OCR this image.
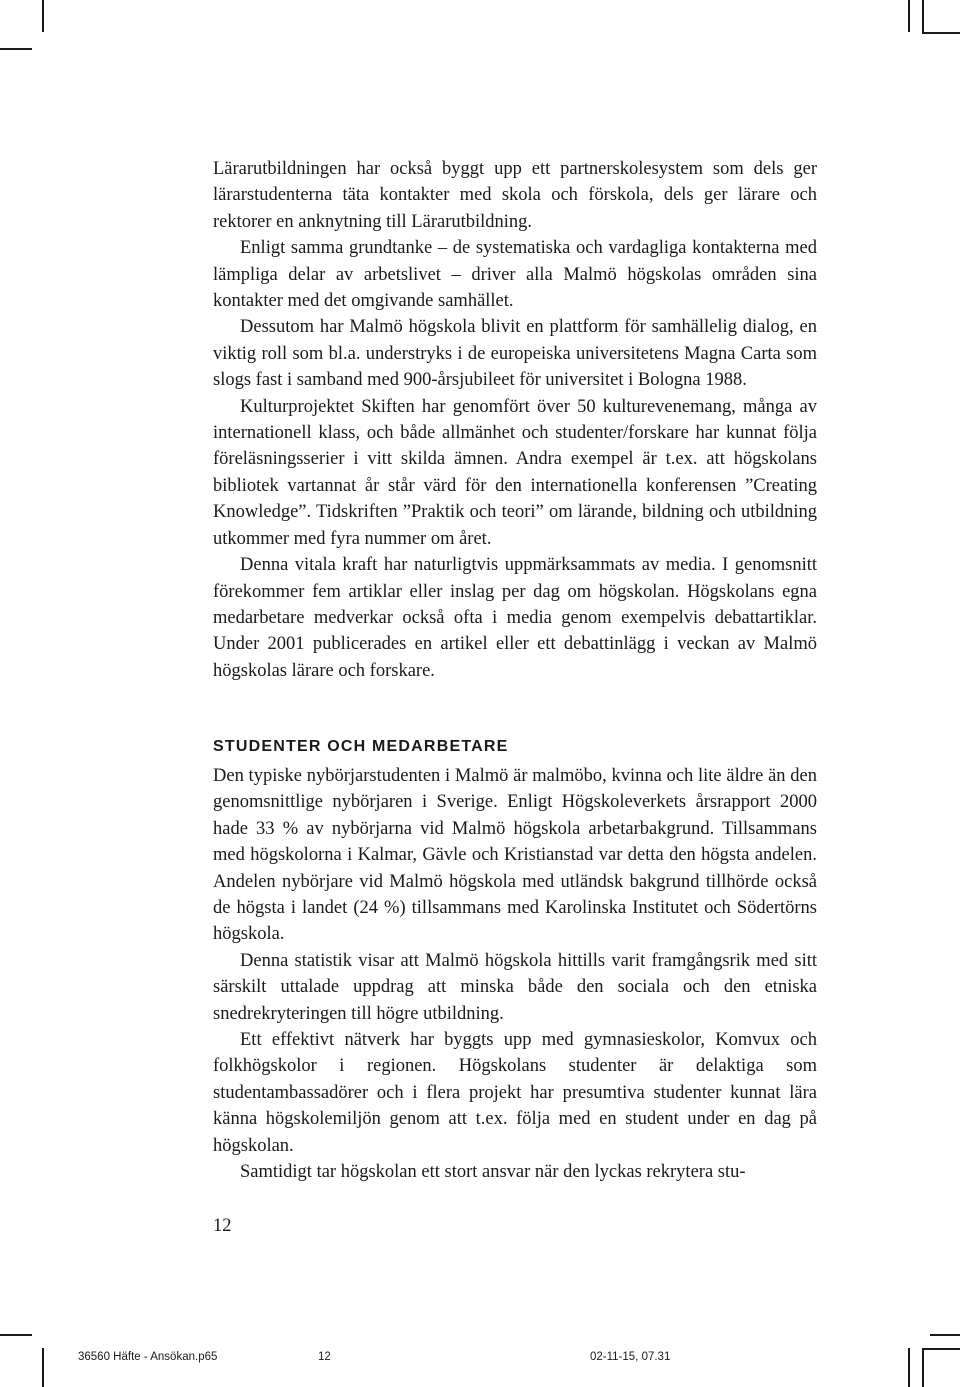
Lärarutbildningen har också byggt upp ett partnerskolesystem som dels ger lärarstudenterna täta kontakter med skola och förskola, dels ger lärare och rektorer en anknytning till Lärarutbildning.

Enligt samma grundtanke – de systematiska och vardagliga kontakterna med lämpliga delar av arbetslivet – driver alla Malmö högskolas områden sina kontakter med det omgivande samhället.

Dessutom har Malmö högskola blivit en plattform för samhällelig dialog, en viktig roll som bl.a. understryks i de europeiska universitetens Magna Carta som slogs fast i samband med 900-årsjubileet för universitet i Bologna 1988.

Kulturprojektet Skiften har genomfört över 50 kulturevenemang, många av internationell klass, och både allmänhet och studenter/forskare har kunnat följa föreläsningsserier i vitt skilda ämnen. Andra exempel är t.ex. att högskolans bibliotek vartannat år står värd för den internationella konferensen ”Creating Knowledge”. Tidskriften ”Praktik och teori” om lärande, bildning och utbildning utkommer med fyra nummer om året.

Denna vitala kraft har naturligtvis uppmärksammats av media. I genomsnitt förekommer fem artiklar eller inslag per dag om högskolan. Högskolans egna medarbetare medverkar också ofta i media genom exempelvis debattartiklar. Under 2001 publicerades en artikel eller ett debattinlägg i veckan av Malmö högskolas lärare och forskare.

STUDENTER OCH MEDARBETARE

Den typiske nybörjarstudenten i Malmö är malmöbo, kvinna och lite äldre än den genomsnittlige nybörjaren i Sverige. Enligt Högskoleverkets årsrapport 2000 hade 33 % av nybörjarna vid Malmö högskola arbetarbakgrund. Tillsammans med högskolorna i Kalmar, Gävle och Kristianstad var detta den högsta andelen. Andelen nybörjare vid Malmö högskola med utländsk bakgrund tillhörde också de högsta i landet (24 %) tillsammans med Karolinska Institutet och Södertörns högskola.

Denna statistik visar att Malmö högskola hittills varit framgångsrik med sitt särskilt uttalade uppdrag att minska både den sociala och den etniska snedrekryteringen till högre utbildning.

Ett effektivt nätverk har byggts upp med gymnasieskolor, Komvux och folkhögskolor i regionen. Högskolans studenter är delaktiga som studentambassadörer och i flera projekt har presumtiva studenter kunnat lära känna högskolemiljön genom att t.ex. följa med en student under en dag på högskolan.

Samtidigt tar högskolan ett stort ansvar när den lyckas rekrytera stu-

12
36560 Häfte - Ansökan.p65	12	02-11-15, 07.31
